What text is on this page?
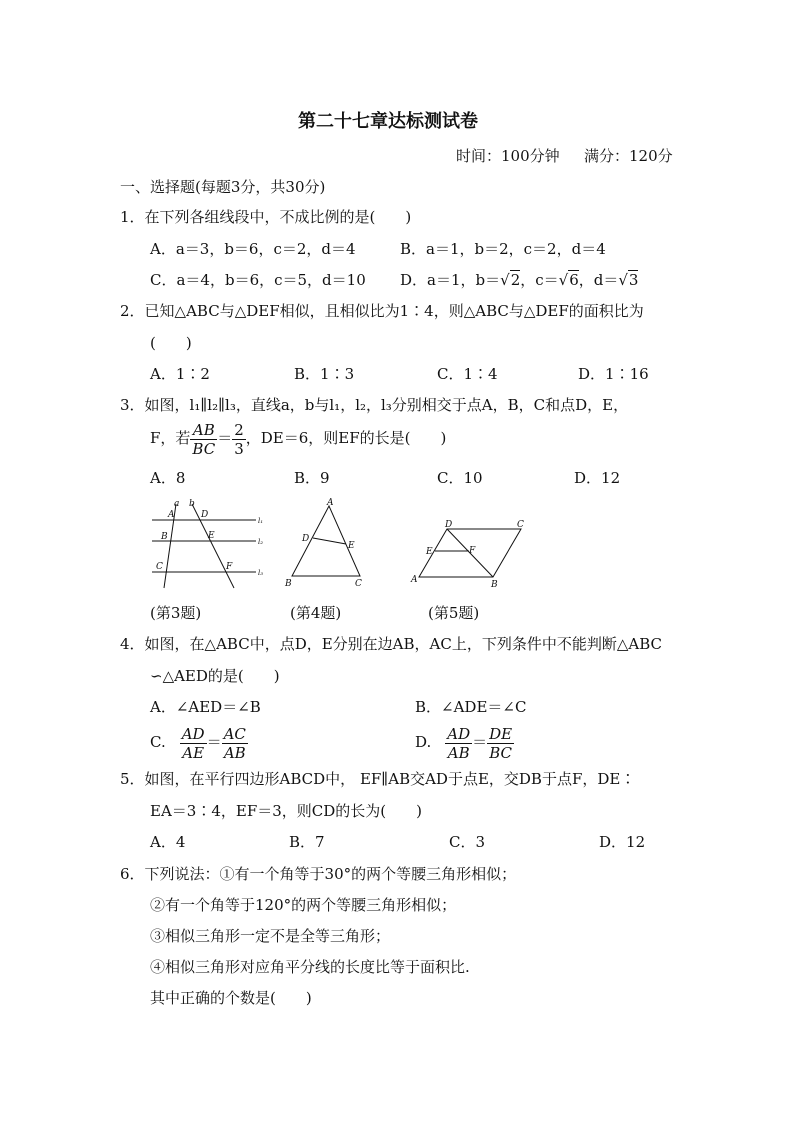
第二十七章达标测试卷
时间：100分钟 满分：120分
一、选择题(每题3分，共30分)
1．在下列各组线段中，不成比例的是(　　)
A．a＝3，b＝6，c＝2，d＝4	B．a＝1，b＝2，c＝2，d＝4
C．a＝4，b＝6，c＝5，d＝10 D．a＝1，b＝√2，c＝√6，d＝√3
2．已知△ABC与△DEF相似，且相似比为1∶4，则△ABC与△DEF的面积比为
(　　)
A．1∶2	B．1∶3	C．1∶4	D．1∶16
3．如图，l₁∥l₂∥l₃，直线a，b与l₁，l₂，l₃分别相交于点A，B，C和点D，E，
F，若 $\frac{AB}{BC} = \frac{2}{3}$ ，DE＝6，则EF的长是(　　)
A．8	B．9	C．10	D．12
a b
A
B
C
D
E
F
l₁
l₂
l₃
A
B	C
D
E
D	C
A	B
E	F
(第3题)	(第4题)	(第5题)
4．如图，在△ABC中，点D，E分别在边AB，AC上，下列条件中不能判断△ABC
∽△AED的是(　　)
A．∠AED＝∠B	B．∠ADE＝∠C
C. $\frac{AD}{AE} = \frac{AC}{AB}$	D. $\frac{AD}{AB} = \frac{DE}{BC}$
5．如图，在平行四边形ABCD中， EF∥AB交AD于点E，交DB于点F，DE∶
EA＝3∶4，EF＝3，则CD的长为(　　)
A．4	B．7	C．3	D．12
6．下列说法：①有一个角等于30°的两个等腰三角形相似；
②有一个角等于120°的两个等腰三角形相似；
③相似三角形一定不是全等三角形；
④相似三角形对应角平分线的长度比等于面积比.
其中正确的个数是(　　)
